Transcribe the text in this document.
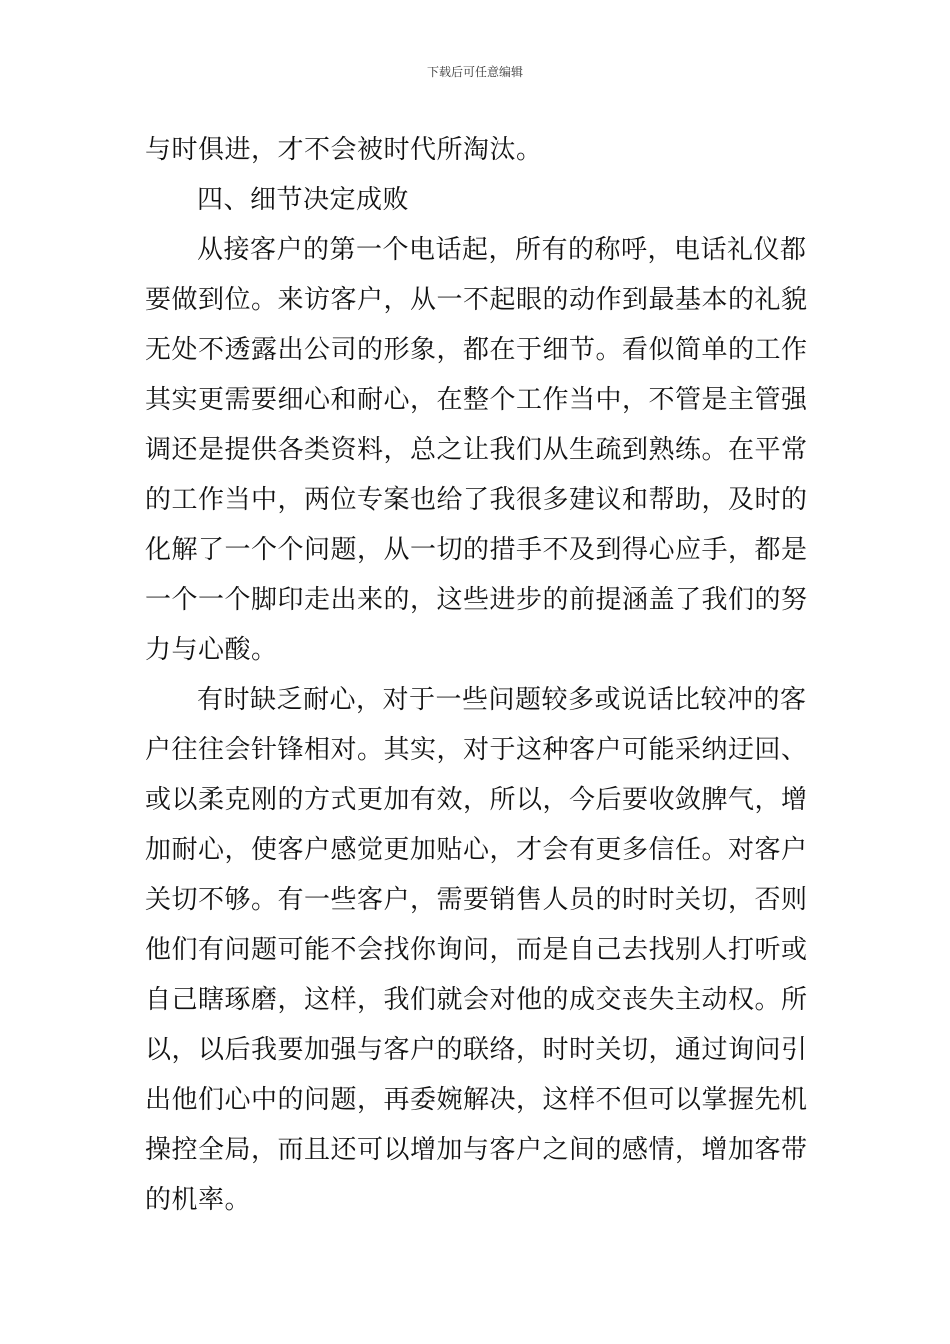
下载后可任意编辑
与时俱进，才不会被时代所淘汰。
四、细节决定成败
从接客户的第一个电话起，所有的称呼，电话礼仪都
要做到位。来访客户，从一不起眼的动作到最基本的礼貌
无处不透露出公司的形象，都在于细节。看似简单的工作
其实更需要细心和耐心，在整个工作当中，不管是主管强
调还是提供各类资料，总之让我们从生疏到熟练。在平常
的工作当中，两位专案也给了我很多建议和帮助，及时的
化解了一个个问题，从一切的措手不及到得心应手，都是
一个一个脚印走出来的，这些进步的前提涵盖了我们的努
力与心酸。
有时缺乏耐心，对于一些问题较多或说话比较冲的客
户往往会针锋相对。其实，对于这种客户可能采纳迂回、
或以柔克刚的方式更加有效，所以，今后要收敛脾气，增
加耐心，使客户感觉更加贴心，才会有更多信任。对客户
关切不够。有一些客户，需要销售人员的时时关切，否则
他们有问题可能不会找你询问，而是自己去找别人打听或
自己瞎琢磨，这样，我们就会对他的成交丧失主动权。所
以，以后我要加强与客户的联络，时时关切，通过询问引
出他们心中的问题，再委婉解决，这样不但可以掌握先机
操控全局，而且还可以增加与客户之间的感情，增加客带
的机率。
